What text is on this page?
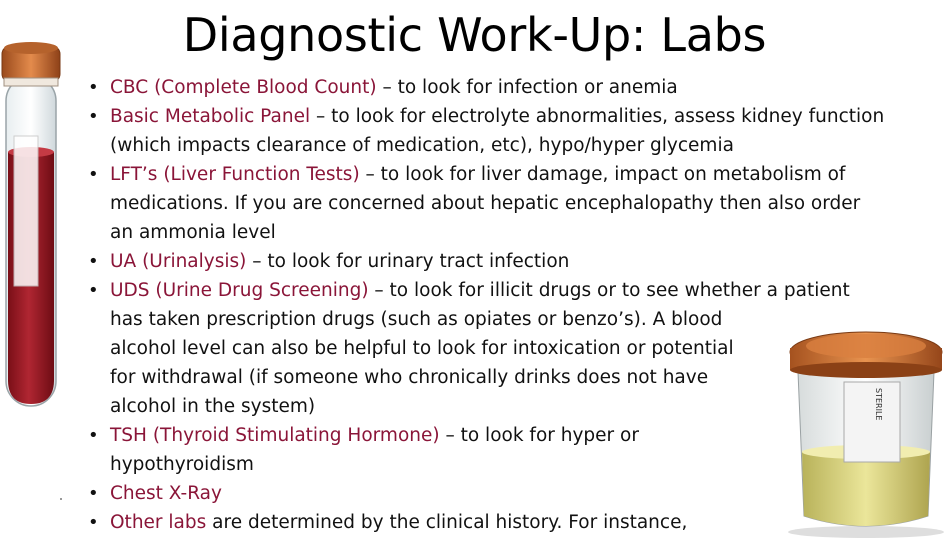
Diagnostic Work-Up: Labs
STERILE
• CBC (Complete Blood Count) – to look for infection or anemia
• Basic Metabolic Panel – to look for electrolyte abnormalities, assess kidney function
(which impacts clearance of medication, etc), hypo/hyper glycemia
• LFT’s (Liver Function Tests) – to look for liver damage, impact on metabolism of
medications. If you are concerned about hepatic encephalopathy then also order
an ammonia level
• UA (Urinalysis) – to look for urinary tract infection
• UDS (Urine Drug Screening) – to look for illicit drugs or to see whether a patient
has taken prescription drugs (such as opiates or benzo’s). A blood
alcohol level can also be helpful to look for intoxication or potential
for withdrawal (if someone who chronically drinks does not have
alcohol in the system)
• TSH (Thyroid Stimulating Hormone) – to look for hyper or
hypothyroidism
• Chest X-Ray
• Other labs are determined by the clinical history. For instance,
